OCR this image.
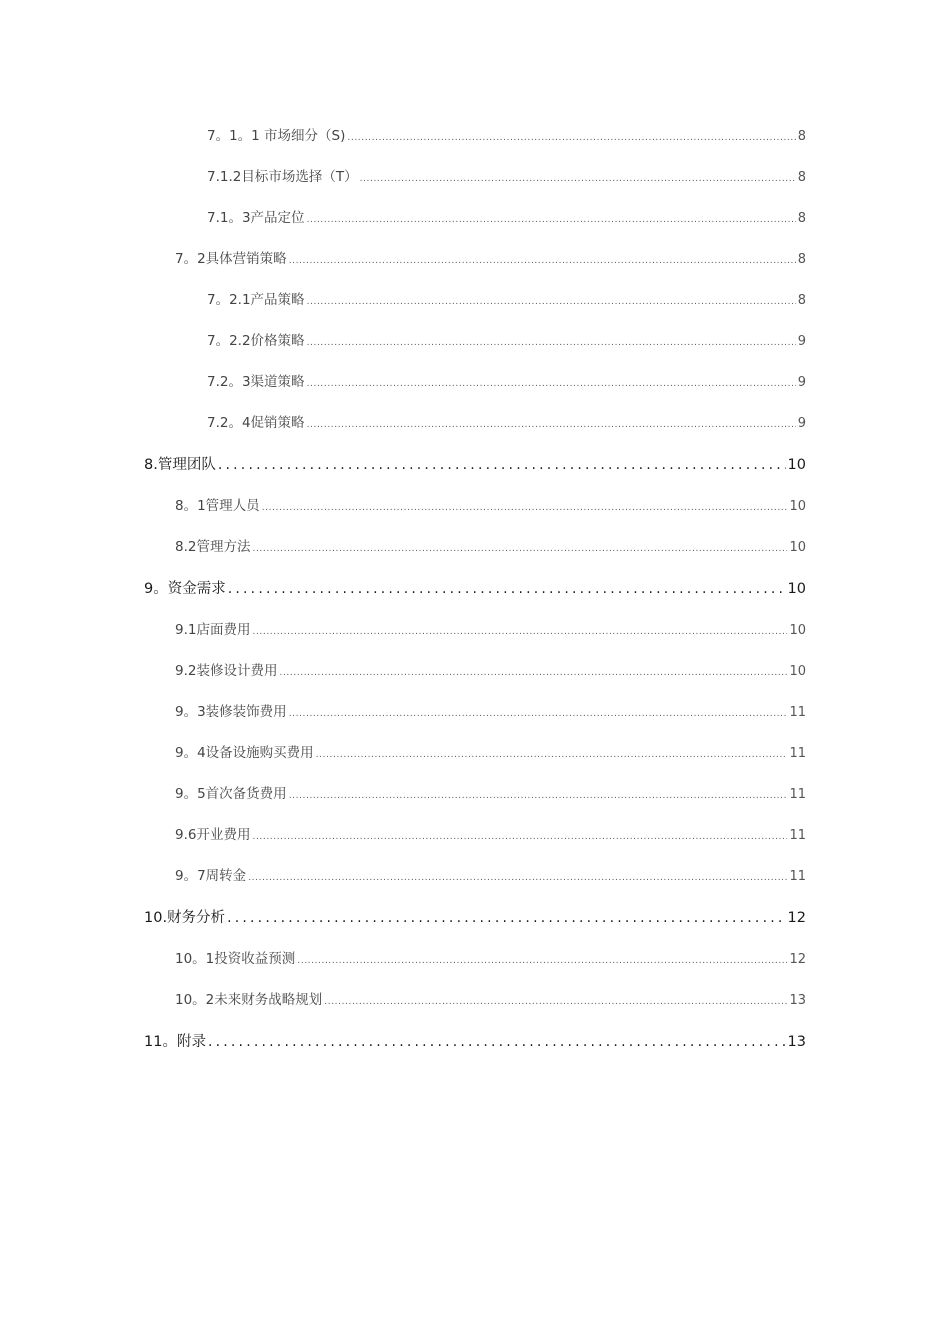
7。1。1 市场细分（S) .....	8
7.1.2目标市场选择（T） .....	8
7.1。3产品定位 .....	8
7。2具体营销策略 .....	8
7。2.1产品策略 .....	8
7。2.2价格策略 .....	9
7.2。3渠道策略 .....	9
7.2。4促销策略 .....	9
8.管理团队 .....	10
8。1管理人员 .....	10
8.2管理方法 .....	10
9。资金需求 .....	10
9.1店面费用 .....	10
9.2装修设计费用 .....	10
9。3装修装饰费用 .....	11
9。4设备设施购买费用 .....	11
9。5首次备货费用 .....	11
9.6开业费用 .....	11
9。7周转金 .....	11
10.财务分析 .....	12
10。1投资收益预测 .....	12
10。2未来财务战略规划 .....	13
11。附录 .....	13
